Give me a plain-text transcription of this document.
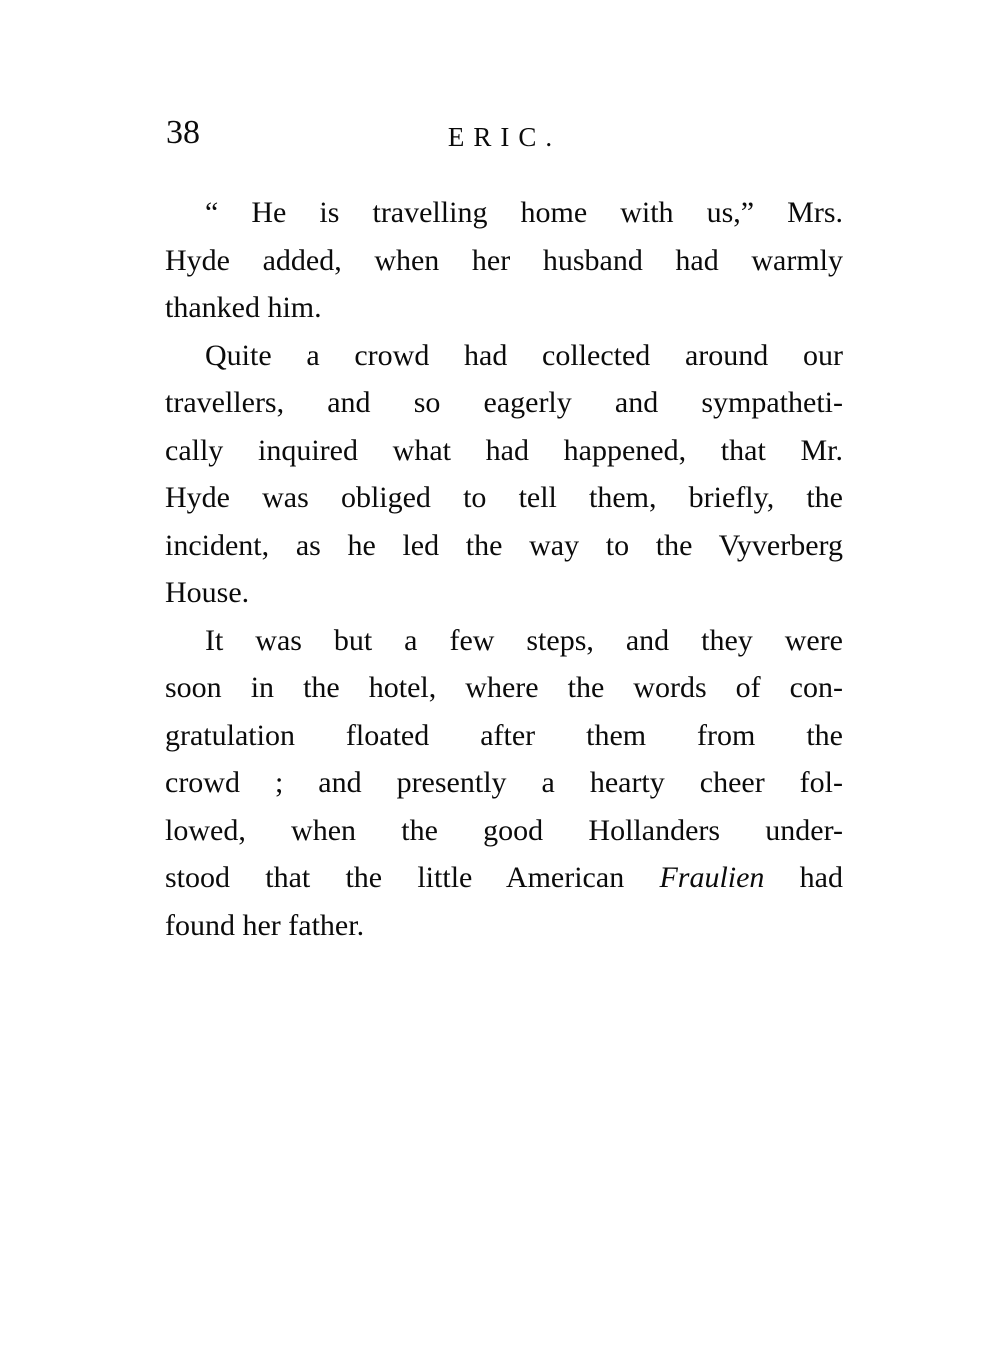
38	ERIC.
“ He is travelling home with us,” Mrs.
Hyde added, when her husband had warmly
thanked him.
Quite a crowd had collected around our
travellers, and so eagerly and sympatheti-
cally inquired what had happened, that Mr.
Hyde was obliged to tell them, briefly, the
incident, as he led the way to the Vyverberg
House.
It was but a few steps, and they were
soon in the hotel, where the words of con-
gratulation floated after them from the
crowd ; and presently a hearty cheer fol-
lowed, when the good Hollanders under-
stood that the little American Fraulien had
found her father.
